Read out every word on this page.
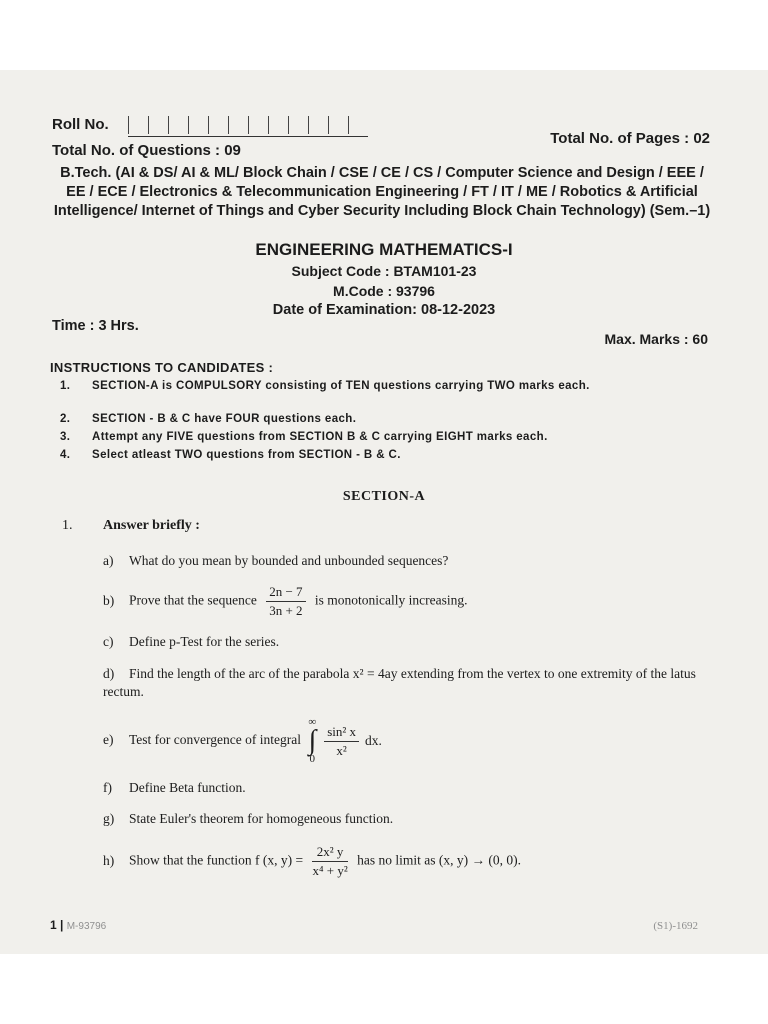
Roll No.
Total No. of Pages : 02
Total No. of Questions : 09
B.Tech. (AI & DS/ AI & ML/ Block Chain / CSE / CE / CS / Computer Science and Design / EEE / EE / ECE / Electronics & Telecommunication Engineering / FT / IT / ME / Robotics & Artificial Intelligence/ Internet of Things and Cyber Security Including Block Chain Technology) (Sem.–1)
ENGINEERING MATHEMATICS-I
Subject Code : BTAM101-23
M.Code : 93796
Date of Examination: 08-12-2023
Time : 3 Hrs.
Max. Marks : 60
INSTRUCTIONS TO CANDIDATES :
1. SECTION-A is COMPULSORY consisting of TEN questions carrying TWO marks each.
2. SECTION - B & C have FOUR questions each.
3. Attempt any FIVE questions from SECTION B & C carrying EIGHT marks each.
4. Select atleast TWO questions from SECTION - B & C.
SECTION-A
1. Answer briefly :
a) What do you mean by bounded and unbounded sequences?
b) Prove that the sequence $\frac{2n - 7}{3n + 2}$ is monotonically increasing.
c) Define p-Test for the series.
d) Find the length of the arc of the parabola x² = 4ay extending from the vertex to one extremity of the latus rectum.
e) Test for convergence of integral
∞
∫
$0 \frac{\text{sin² x}}{\text{x²}}$ dx.
f) Define Beta function.
g) State Euler's theorem for homogeneous function.
h) Show that the function f (x, $y) = \frac{\text{2x² y}}{\text{x⁴ + y²}}$ has no limit as (x, y) → (0, 0).
1 | M-93796	(S1)-1692
